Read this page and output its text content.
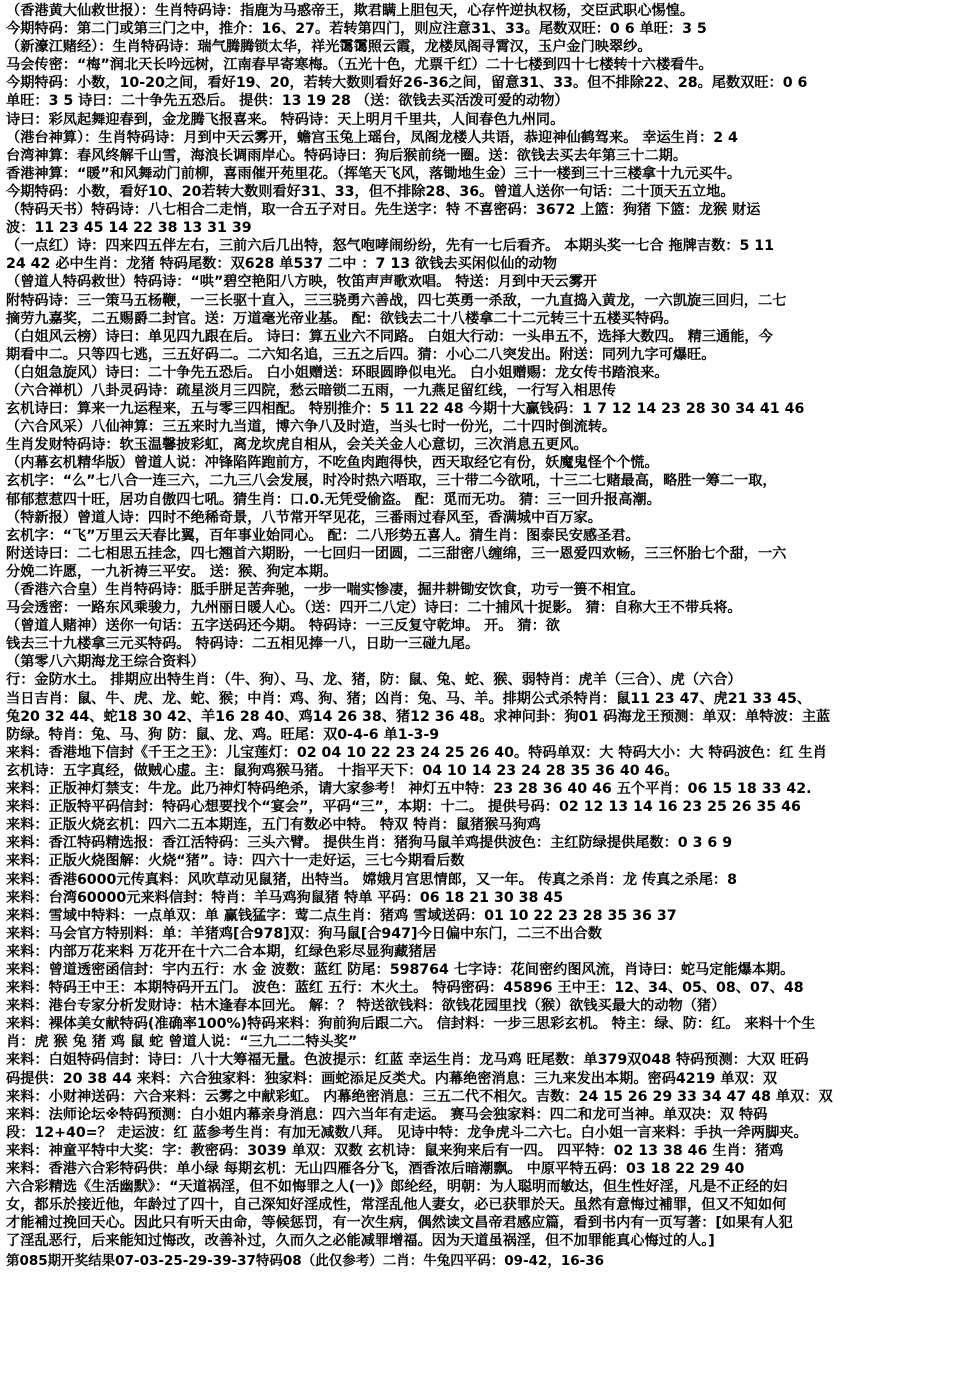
（香港黄大仙救世报）：生肖特码诗：指鹿为马惑帝王，欺君瞒上胆包天，心存忤逆执权杨，交臣武职心惕惶。
今期特码：第二门或第三门之中，推介：16、27。若转第四门，则应注意31、33。尾数双旺：0 6 单旺：3 5
（新濠江赌经）：生肖特码诗：瑞气腾腾锁太华，祥光霭霭照云霞，龙楼凤阁寻霄汉，玉户金门映翠纱。
马会传密：“梅”润北天长吟远树，江南春早寄寒梅。（五光十色，尤票千红）二十七楼到四十七楼转十六楼看牛。
今期特码：小数，10-20之间，看好19、20，若转大数则看好26-36之间，留意31、33。但不排除22、28。尾数双旺：0 6
单旺：3 5 诗曰：二十争先五恐后。 提供：13 19 28 （送：欲钱去买活泼可爱的动物）
诗曰：彩凤起舞迎春到，金龙腾飞报喜来。 特码诗：天上明月千里共，人间春色九州同。
（港台神算）：生肖特码诗：月到中天云雾开，蟾宫玉兔上瑶台，凤阁龙楼人共语，恭迎神仙鹤驾来。 幸运生肖：2 4
台湾神算：春风终解千山雪，海浪长调雨岸心。特码诗曰：狗后猴前绕一圈。送：欲钱去买去年第三十二期。
香港神算：“暖”和风舞动门前柳，喜雨催开苑里花。（挥笔天飞风，落锄地生金）三十一楼到三十三楼拿十九元买牛。
今期特码：小数，看好10、20若转大数则看好31、33，但不排除28、36。曾道人送你一句话：二十顶天五立地。
（特码天书）特码诗：八七相合二走悄，取一合五子对日。先生送字：特 不喜密码：3672 上篮：狗猪 下篮：龙猴 财运
波：11 23 45 14 22 38 13 31 39
（一点红）诗：四来四五伴左右，三前六后几出特，怒气咆哮闹纷纷，先有一七后看齐。 本期头奖一七合 拖牌吉数：5 11
24 42 必中生肖：龙猪 特码尾数：双628 单537 二中 ：7 13 欲钱去买闲似仙的动物
（曾道人特码救世）特码诗：“哄”碧空艳阳八方映，牧笛声声歌欢唱。 特送：月到中天云雾开
附特码诗：三一策马五杨鞭，一三长驱十直入，三三骁勇六善战，四七英勇一杀敌，一九直捣入黄龙，一六凯旋三回归，二七
摘劳九嘉奖，二五赐爵二封官。送：万道毫光帝业基。 配：欲钱去二十八楼拿二十二元转三十五楼买特码。
（白姐风云榜）诗曰：单见四九跟在后。 诗曰：算五业六不同路。 白姐大行动：一头串五不，选择大数四。 精三通能，今
期看中二。只等四七逃，三五好码二。二六知名追，三五之后四。猜：小心二八突发出。附送：同列九字可爆旺。
（白姐急旋风）诗曰：二十争先五恐后。 白小姐赠送：环眼圆睁似电光。 白小姐赠赐：龙女传书踏浪来。
（六合禅机）八卦灵码诗：疏星淡月三四院，愁云暗锁二五雨，一九燕足留红线，一行写入相思传
玄机诗曰：算来一九运程来，五与零三四相配。 特别推介：5 11 22 48 今期十大赢钱码：1 7 12 14 23 28 30 34 41 46
（六合风采）八仙神算：三五来时九当道，博六争八及时造，当头七时一份光，二十四时倒流转。
生肖发财特码诗：软玉温馨披彩虹，离龙坎虎自相从，会关关金人心意切，三次消息五更风。
（内幕玄机精华版）曾道人说：冲锋陷阵跑前方，不吃鱼肉跑得快，西天取经它有份，妖魔鬼怪个个慌。
玄机字：“么”七八合一连三六，二九三八会发展，时冷时热六唔取，三十带二今欲吼，十三二七赌最高，略胜一筹二一取，
郁郁惹惹四十旺，居功自傲四七吼。猜生肖：口.0.无凭受偷盗。 配：觅而无功。 猜：三一回升报高潮。
（特新报）曾道人诗：四时不绝稀奇景，八节常开罕见花，三番雨过春风至，香满城中百万家。
玄机字：“飞”万里云天春比翼，百年事业始同心。 配：二八形势五喜人。猜生肖：图泰民安感圣君。
附送诗曰：二七相思五挂念，四七翘首六期盼，一七回归一团圆，二三甜密八缠绵，三一恩爱四欢畅，三三怀胎七个甜，一六
分娩二许愿，一九祈祷三平安。 送：猴、狗定本期。
（香港六合皇）生肖特码诗：胝手胼足苦奔驰，一步一喘实惨凄，掘井耕锄安饮食，功亏一篑不相宜。
马会透密：一路东风乘骏力，九州丽日暖人心。（送：四开二八定）诗曰：二十捕风十捉影。 猜：自称大王不带兵将。
（曾道人赌神）送你一句话：五字送码还今期。 特码诗：一三反复守乾坤。 开。 猜：欲
钱去三十九楼拿三元买特码。 特码诗：二五相见捧一八，日助一三碰九尾。
（第零八六期海龙王综合资料）
行：金防水土。 排期应出特生肖：（牛、狗）、马、龙、猪，防：鼠、兔、蛇、猴、弱特肖：虎羊（三合）、虎（六合）
当日吉肖：鼠、牛、虎、龙、蛇、猴；中肖：鸡、狗、猪；凶肖：兔、马、羊。排期公式杀特肖：鼠11 23 47、虎21 33 45、
兔20 32 44、蛇18 30 42、羊16 28 40、鸡14 26 38、猪12 36 48。求神问卦：狗01 码海龙王预测：单双：单特波：主蓝
防绿。特肖：兔、马、狗 防：鼠、龙、鸡。旺尾：双0-4-6 单1-3-9
来料：香港地下信封《千王之王》：儿宝莲灯：02 04 10 22 23 24 25 26 40。特码单双：大 特码大小：大 特码波色：红 生肖
玄机诗：五字真经，做贼心虚。主：鼠狗鸡猴马猪。 十指平天下：04 10 14 23 24 28 35 36 40 46。
来料：正版神灯禁支：牛龙。此乃神灯特码绝杀，请大家参考！ 神灯五中特：23 28 36 40 46 五个平肖：06 15 18 33 42.
来料：正版特平码信封：特码心想要找个“宴会”，平码“三”，本期：十二。 提供号码：02 12 13 14 16 23 25 26 35 46
来料：正版火烧玄机：四六二五本期连，五门有数必中特。 特双 特肖：鼠猪猴马狗鸡
来料：香江特码精选报：香江活特码：三头六臂。 提供生肖：猪狗马鼠羊鸡提供波色：主红防绿提供尾数：0 3 6 9
来料：正版火烧图解：火烧“猪”。诗：四六十一走好运，三七今期看后数
来料：香港6000元传真料：风吹草动见鼠猪，出特当。 嫦娥月宫思情郎，又一年。 传真之杀肖：龙 传真之杀尾：8
来料：台湾60000元来料信封：特肖：羊马鸡狗鼠猪 特单 平码：06 18 21 30 38 45
来料：雪域中特料：一点单双：单 赢钱猛字：莺二点生肖：猪鸡 雪域送码：01 10 22 23 28 35 36 37
来料：马会官方特别料：单：羊猪鸡[合978]双：狗马鼠[合947]今日偏中东门，二三不出合数
来料：内部万花来料 万花开在十六二合本期，红绿色彩尽显狗藏猪居
来料：曾道透密函信封：宇内五行：水 金 波数：蓝红 防尾：598764 七字诗：花间密约图风流，肖诗曰：蛇马定能爆本期。
来料：特码王中王：本期特码开五门。 波色：蓝红 五行：木火土。 特码密码：45896 王中王：12、34、05、08、07、48
来料：港台专家分析发财诗：枯木逢春本回光。 解：？ 特送欲钱料：欲钱花园里找（猴）欲钱买最大的动物（猪）
来料：裸体美女献特码(准确率100%)特码来料：狗前狗后跟二六。 信封料：一步三思彩玄机。 特主：绿、防：红。 来料十个生
肖：虎 猴 兔 猪 鸡 鼠 蛇 曾道人说：“三九二二特头奖”
来料：白姐特码信封：诗曰：八十大筹福无量。色波提示：红蓝 幸运生肖：龙马鸡 旺尾数：单379双048 特码预测：大双 旺码
码提供：20 38 44 来料：六合独家料：独家料：画蛇添足反类犬。内幕绝密消息：三九来发出本期。密码4219 单双：双
来料：小财神送码：六合来料：云雾之中献彩虹。 内幕绝密消息：三五二代不相欠。吉数：24 15 26 29 33 34 47 48 单双：双
来料：法师论坛※特码预测：白小姐内幕亲身消息：四六当年有走运。 赛马会独家料：四二和龙可当神。单双决：双 特码
段：12+40=？ 走运波：红 蓝参考生肖：有加无减数八拜。 见诗中特：龙争虎斗二六七。白小姐一言来料：手执一斧两脚夹。
来料：神童平特中大奖：字：教密码：3039 单双：双数 玄机诗：鼠来狗来后有一四。 四平特：02 13 38 46 生肖：猪鸡
来料：香港六合彩特码供：单小绿 每期玄机：无山四雁各分飞，酒香浓后暗潮飘。 中原平特五码：03 18 22 29 40
六合彩精选《生活幽默》：“天道祸淫，但不如悔罪之人(一)》郎纶经，明朝：为人聪明而敏达，但生性好淫，凡是不正经的妇
女，都乐於接近他，年龄过了四十，自己深知好淫成性，常淫乱他人妻女，必已获罪於天。虽然有意悔过補罪，但又不知如何
才能補过挽回天心。因此只有听天由命，等候惩罚，有一次生病，偶然读文昌帝君感应篇，看到书内有一页写著：[如果有人犯
了淫乱恶行，后来能知过悔改，改善补过，久而久之必能减罪增福。因为天道虽祸淫，但不加罪能真心悔过的人。]
第085期开奖结果07-03-25-29-39-37特码08（此仅参考）二肖：牛兔四平码：09-42，16-36
